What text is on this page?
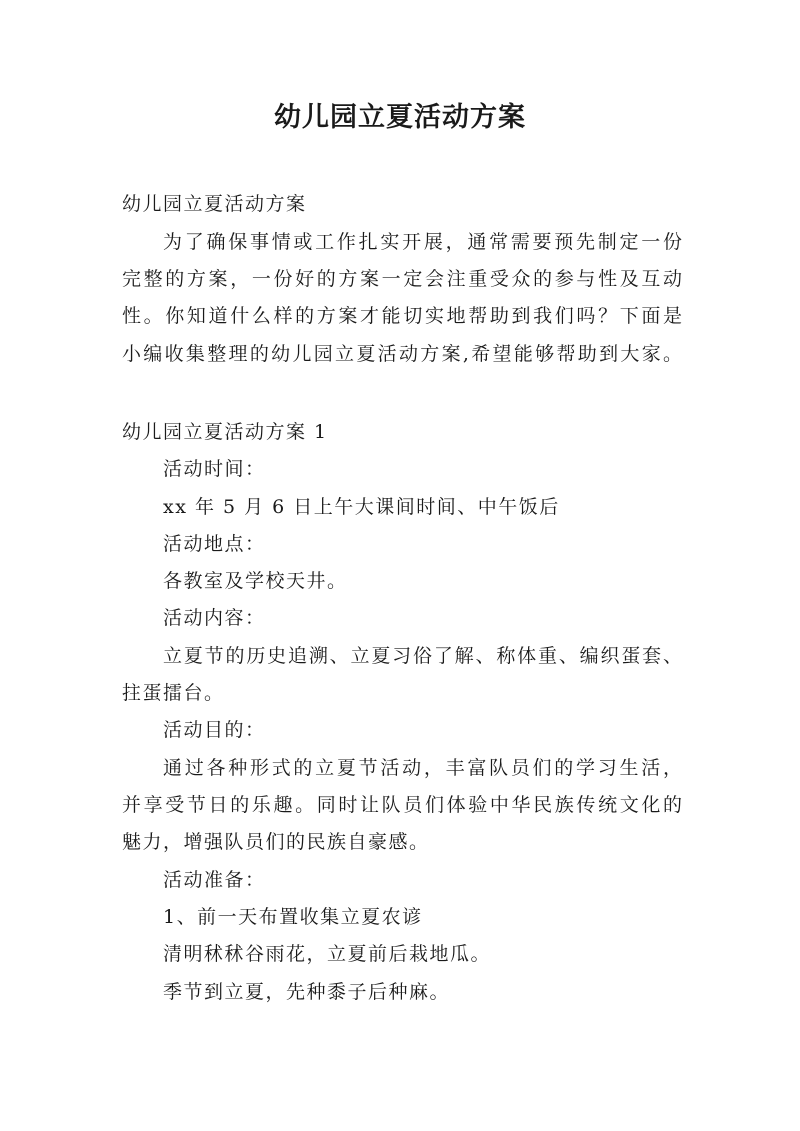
幼儿园立夏活动方案
幼儿园立夏活动方案
为了确保事情或工作扎实开展，通常需要预先制定一份
完整的方案，一份好的方案一定会注重受众的参与性及互动
性。你知道什么样的方案才能切实地帮助到我们吗？下面是
小编收集整理的幼儿园立夏活动方案,希望能够帮助到大家。
幼儿园立夏活动方案 1
活动时间：
xx 年 5 月 6 日上午大课间时间、中午饭后
活动地点：
各教室及学校天井。
活动内容：
立夏节的历史追溯、立夏习俗了解、称体重、编织蛋套、
拄蛋擂台。
活动目的：
通过各种形式的立夏节活动，丰富队员们的学习生活，
并享受节日的乐趣。同时让队员们体验中华民族传统文化的
魅力，增强队员们的民族自豪感。
活动准备：
1、前一天布置收集立夏农谚
清明秫秫谷雨花，立夏前后栽地瓜。
季节到立夏，先种黍子后种麻。
